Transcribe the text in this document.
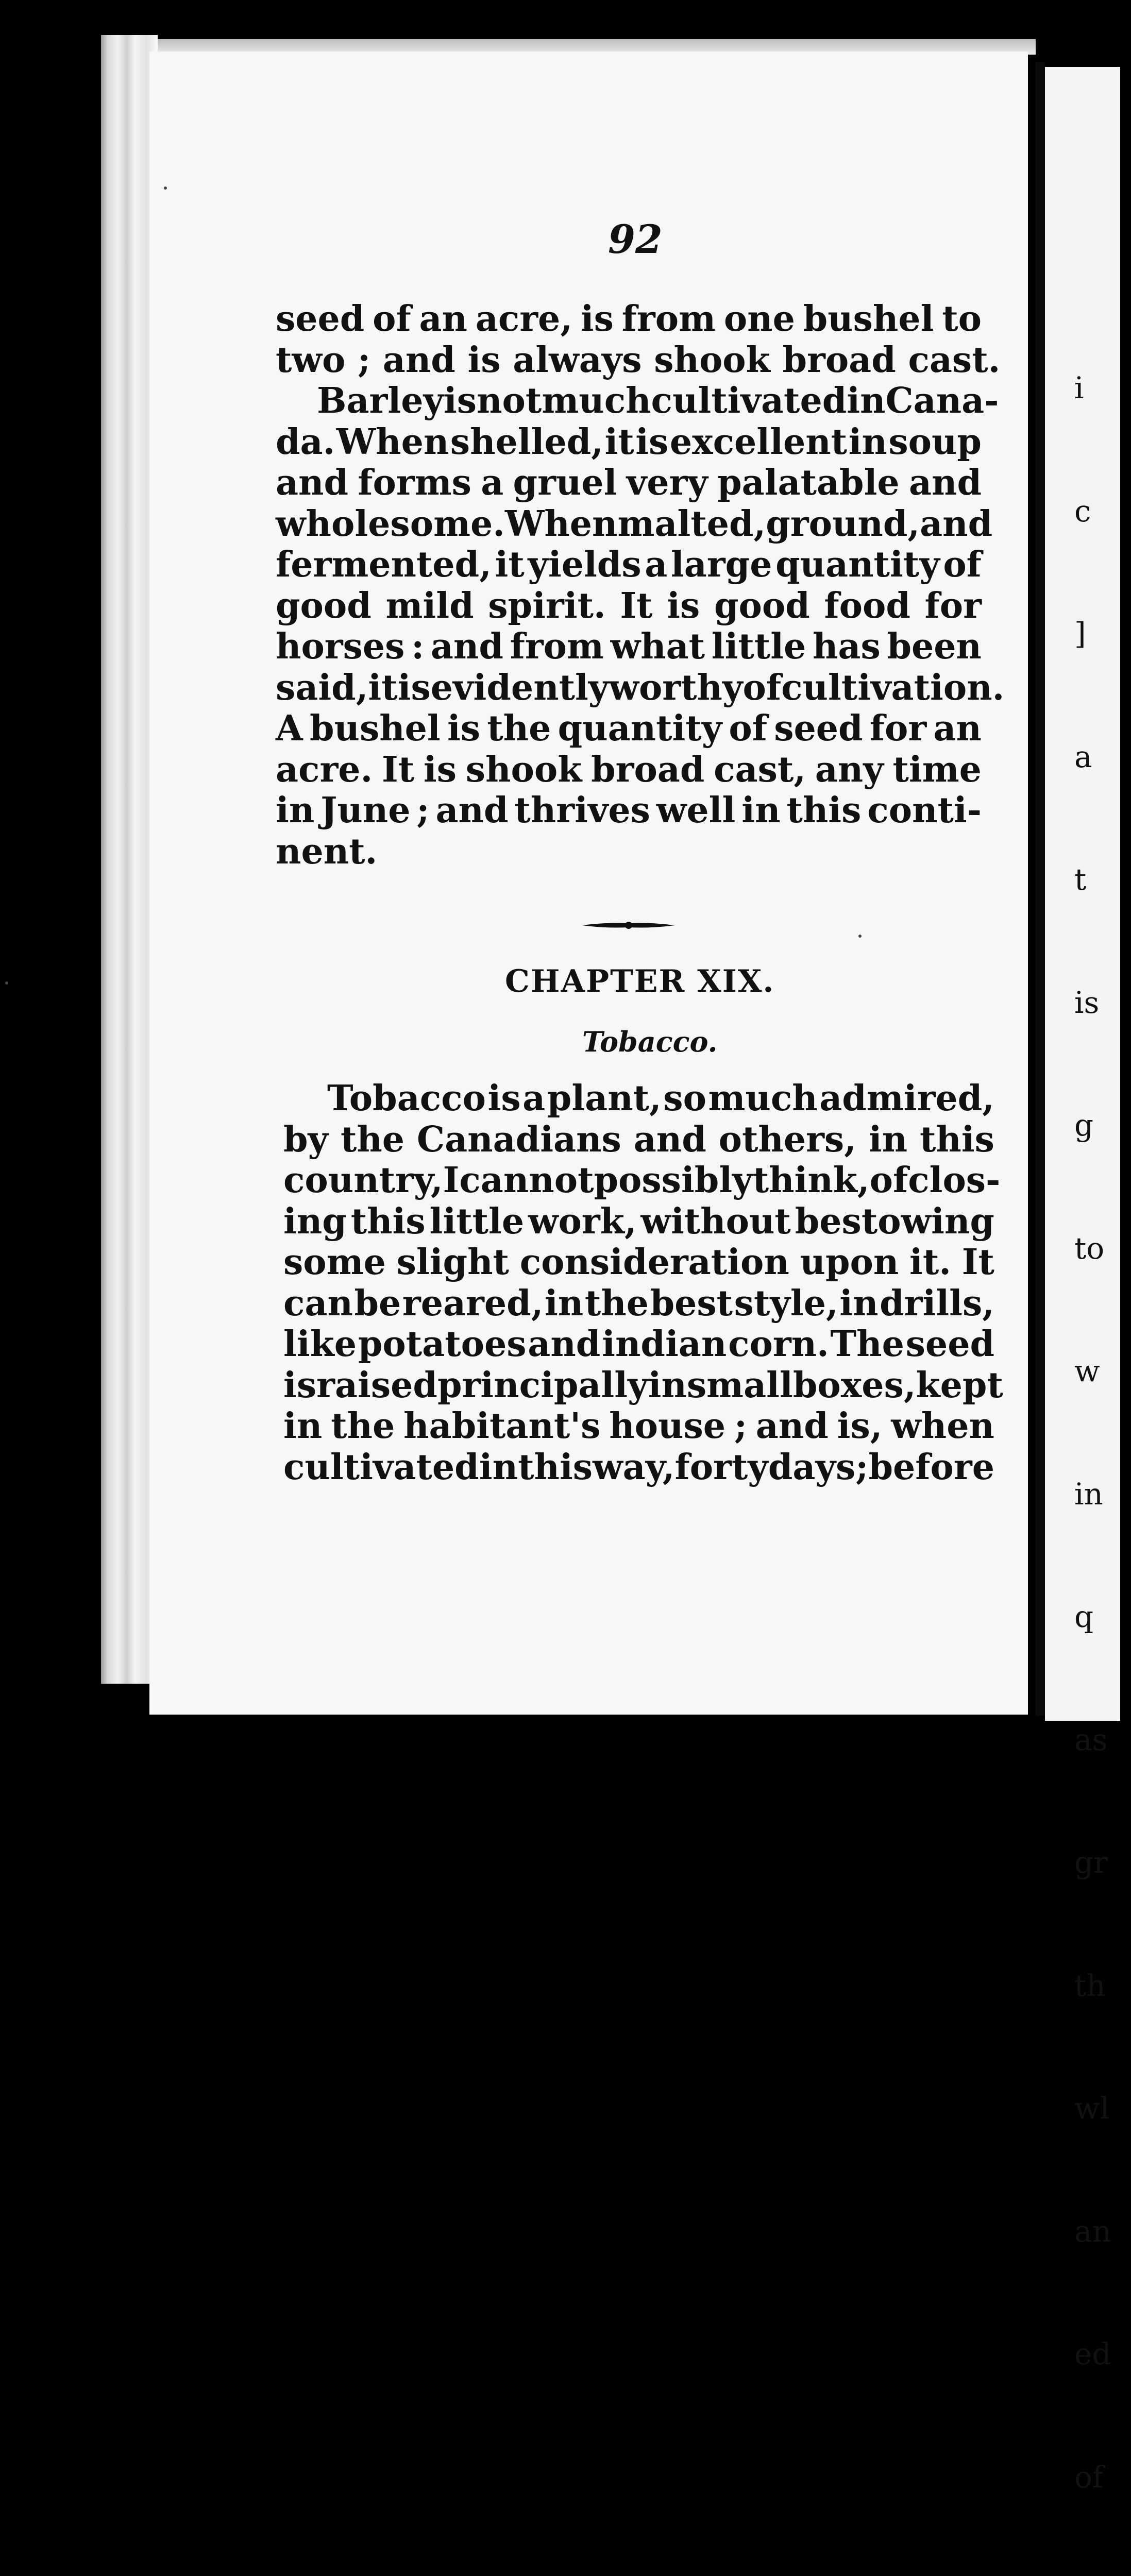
92
seed of an acre, is from one bushel to
two ; and is always shook broad cast.
Barley is not much cultivated in Cana-
da. When shelled, it is excellent in soup
and forms a gruel very palatable and
wholesome. When malted, ground, and
fermented, it yields a large quantity of
good mild spirit. It is good food for
horses : and from what little has been
said, it is evidently worthy of cultivation.
A bushel is the quantity of seed for an
acre. It is shook broad cast, any time
in June ; and thrives well in this conti-
nent.
CHAPTER XIX.
Tobacco.
Tobacco is a plant, so much admired,
by the Canadians and others, in this
country, I cannot possibly think, of clos-
ing this little work, without bestowing
some slight consideration upon it. It
can be reared, in the best style, in drills,
like potatoes and indian corn. The seed
is raised principally in small boxes, kept
in the habitant's house ; and is, when
cultivated in this way, forty days ; before

i

c

]

a

t

is

g

to

w

in

q

as

gr

th

wl

an

ed

of
